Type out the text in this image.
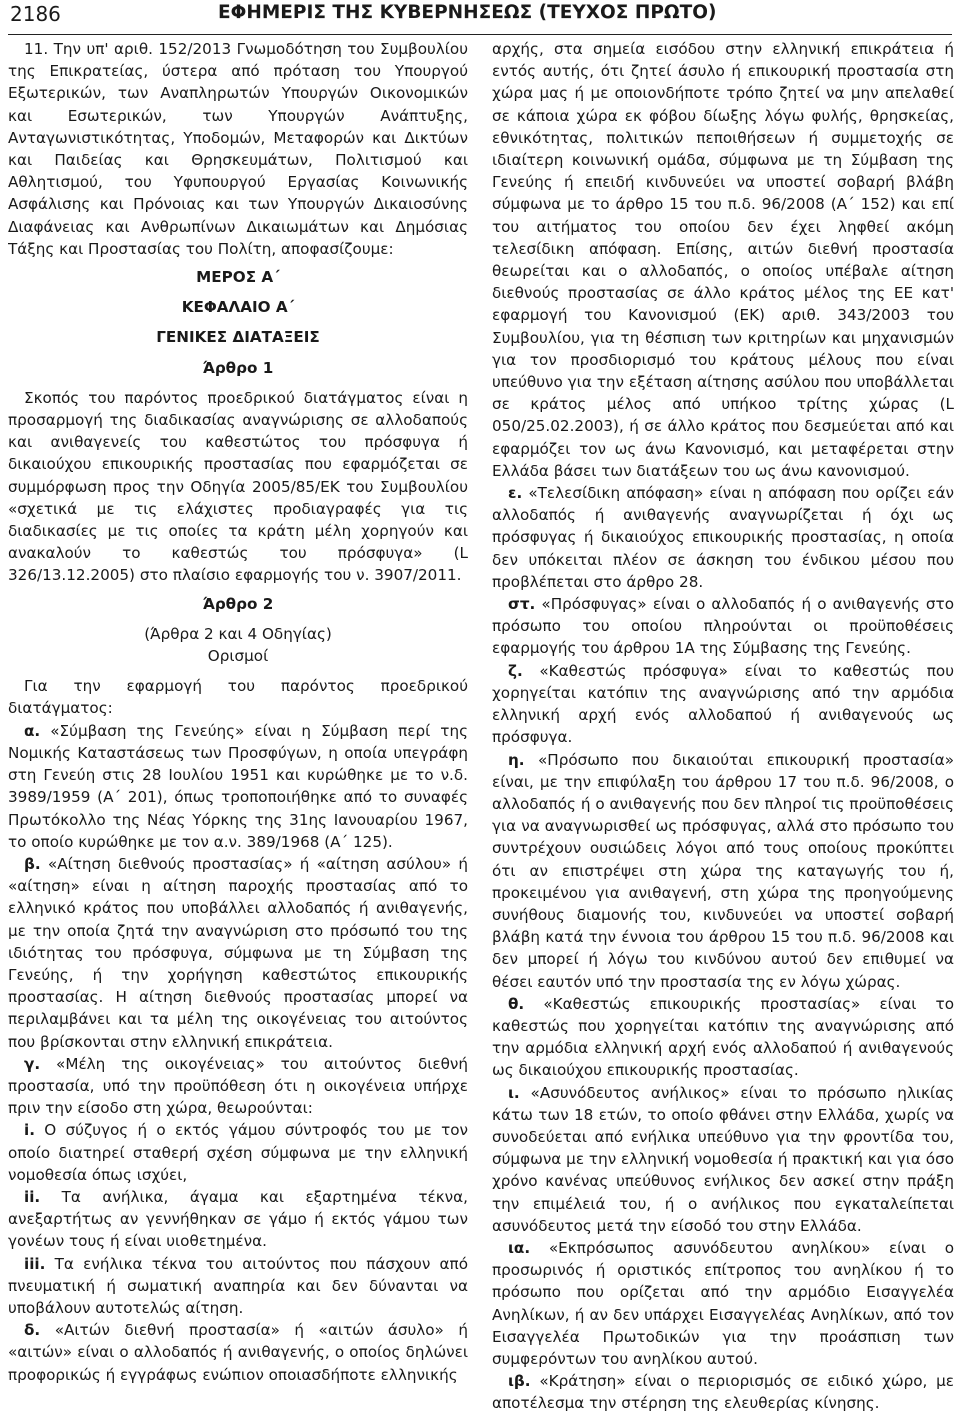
2186	ΕΦΗΜΕΡΙΣ ΤΗΣ ΚΥΒΕΡΝΗΣΕΩΣ (ΤΕΥΧΟΣ ΠΡΩΤΟ)

11. Την υπ' αριθ. 152/2013 Γνωμοδότηση του Συμβουλίου της Επικρατείας, ύστερα από πρόταση του Υπουργού Εξωτερικών, των Αναπληρωτών Υπουργών Οικονομικών και Εσωτερικών, των Υπουργών Ανάπτυξης, Ανταγωνιστικότητας, Υποδομών, Μεταφορών και Δικτύων και Παιδείας και Θρησκευμάτων, Πολιτισμού και Αθλητισμού, του Υφυπουργού Εργασίας Κοινωνικής Ασφάλισης και Πρόνοιας και των Υπουργών Δικαιοσύνης Διαφάνειας και Ανθρωπίνων Δικαιωμάτων και Δημόσιας Τάξης και Προστασίας του Πολίτη, αποφασίζουμε:

ΜΕΡΟΣ Α΄

ΚΕΦΑΛΑΙΟ Α΄

ΓΕΝΙΚΕΣ ΔΙΑΤΑΞΕΙΣ

Άρθρο 1

Σκοπός του παρόντος προεδρικού διατάγματος είναι η προσαρμογή της διαδικασίας αναγνώρισης σε αλλοδαπούς και ανιθαγενείς του καθεστώτος του πρόσφυγα ή δικαιούχου επικουρικής προστασίας που εφαρμόζεται σε συμμόρφωση προς την Οδηγία 2005/85/ΕΚ του Συμβουλίου «σχετικά με τις ελάχιστες προδιαγραφές για τις διαδικασίες με τις οποίες τα κράτη μέλη χορηγούν και ανακαλούν το καθεστώς του πρόσφυγα» (L 326/13.12.2005) στο πλαίσιο εφαρμογής του ν. 3907/2011.

Άρθρο 2

(Άρθρα 2 και 4 Οδηγίας)

Ορισμοί

Για την εφαρμογή του παρόντος προεδρικού διατάγματος:

α. «Σύμβαση της Γενεύης» είναι η Σύμβαση περί της Νομικής Καταστάσεως των Προσφύγων, η οποία υπεγράφη στη Γενεύη στις 28 Ιουλίου 1951 και κυρώθηκε με το ν.δ. 3989/1959 (Α΄ 201), όπως τροποποιήθηκε από το συναφές Πρωτόκολλο της Νέας Υόρκης της 31ης Ιανουαρίου 1967, το οποίο κυρώθηκε με τον α.ν. 389/1968 (Α΄ 125).

β. «Αίτηση διεθνούς προστασίας» ή «αίτηση ασύλου» ή «αίτηση» είναι η αίτηση παροχής προστασίας από το ελληνικό κράτος που υποβάλλει αλλοδαπός ή ανιθαγενής, με την οποία ζητά την αναγνώριση στο πρόσωπό του της ιδιότητας του πρόσφυγα, σύμφωνα με τη Σύμβαση της Γενεύης, ή την χορήγηση καθεστώτος επικουρικής προστασίας. Η αίτηση διεθνούς προστασίας μπορεί να περιλαμβάνει και τα μέλη της οικογένειας του αιτούντος που βρίσκονται στην ελληνική επικράτεια.

γ. «Μέλη της οικογένειας» του αιτούντος διεθνή προστασία, υπό την προϋπόθεση ότι η οικογένεια υπήρχε πριν την είσοδο στη χώρα, θεωρούνται:

i. Ο σύζυγος ή ο εκτός γάμου σύντροφός του με τον οποίο διατηρεί σταθερή σχέση σύμφωνα με την ελληνική νομοθεσία όπως ισχύει,

ii. Τα ανήλικα, άγαμα και εξαρτημένα τέκνα, ανεξαρτήτως αν γεννήθηκαν σε γάμο ή εκτός γάμου των γονέων τους ή είναι υιοθετημένα.

iii. Τα ενήλικα τέκνα του αιτούντος που πάσχουν από πνευματική ή σωματική αναπηρία και δεν δύνανται να υποβάλουν αυτοτελώς αίτηση.

δ. «Αιτών διεθνή προστασία» ή «αιτών άσυλο» ή «αιτών» είναι ο αλλοδαπός ή ανιθαγενής, ο οποίος δηλώνει προφορικώς ή εγγράφως ενώπιον οποιασδήποτε ελληνικής

αρχής, στα σημεία εισόδου στην ελληνική επικράτεια ή εντός αυτής, ότι ζητεί άσυλο ή επικουρική προστασία στη χώρα μας ή με οποιονδήποτε τρόπο ζητεί να μην απελαθεί σε κάποια χώρα εκ φόβου δίωξης λόγω φυλής, θρησκείας, εθνικότητας, πολιτικών πεποιθήσεων ή συμμετοχής σε ιδιαίτερη κοινωνική ομάδα, σύμφωνα με τη Σύμβαση της Γενεύης ή επειδή κινδυνεύει να υποστεί σοβαρή βλάβη σύμφωνα με το άρθρο 15 του π.δ. 96/2008 (Α΄ 152) και επί του αιτήματος του οποίου δεν έχει ληφθεί ακόμη τελεσίδικη απόφαση. Επίσης, αιτών διεθνή προστασία θεωρείται και ο αλλοδαπός, ο οποίος υπέβαλε αίτηση διεθνούς προστασίας σε άλλο κράτος μέλος της ΕΕ κατ' εφαρμογή του Κανονισμού (ΕΚ) αριθ. 343/2003 του Συμβουλίου, για τη θέσπιση των κριτηρίων και μηχανισμών για τον προσδιορισμό του κράτους μέλους που είναι υπεύθυνο για την εξέταση αίτησης ασύλου που υποβάλλεται σε κράτος μέλος από υπήκοο τρίτης χώρας (L 050/25.02.2003), ή σε άλλο κράτος που δεσμεύεται από και εφαρμόζει τον ως άνω Κανονισμό, και μεταφέρεται στην Ελλάδα βάσει των διατάξεων του ως άνω κανονισμού.

ε. «Τελεσίδικη απόφαση» είναι η απόφαση που ορίζει εάν αλλοδαπός ή ανιθαγενής αναγνωρίζεται ή όχι ως πρόσφυγας ή δικαιούχος επικουρικής προστασίας, η οποία δεν υπόκειται πλέον σε άσκηση του ένδικου μέσου που προβλέπεται στο άρθρο 28.

στ. «Πρόσφυγας» είναι ο αλλοδαπός ή ο ανιθαγενής στο πρόσωπο του οποίου πληρούνται οι προϋποθέσεις εφαρμογής του άρθρου 1Α της Σύμβασης της Γενεύης.

ζ. «Καθεστώς πρόσφυγα» είναι το καθεστώς που χορηγείται κατόπιν της αναγνώρισης από την αρμόδια ελληνική αρχή ενός αλλοδαπού ή ανιθαγενούς ως πρόσφυγα.

η. «Πρόσωπο που δικαιούται επικουρική προστασία» είναι, με την επιφύλαξη του άρθρου 17 του π.δ. 96/2008, ο αλλοδαπός ή ο ανιθαγενής που δεν πληροί τις προϋποθέσεις για να αναγνωρισθεί ως πρόσφυγας, αλλά στο πρόσωπο του συντρέχουν ουσιώδεις λόγοι από τους οποίους προκύπτει ότι αν επιστρέψει στη χώρα της καταγωγής του ή, προκειμένου για ανιθαγενή, στη χώρα της προηγούμενης συνήθους διαμονής του, κινδυνεύει να υποστεί σοβαρή βλάβη κατά την έννοια του άρθρου 15 του π.δ. 96/2008 και δεν μπορεί ή λόγω του κινδύνου αυτού δεν επιθυμεί να θέσει εαυτόν υπό την προστασία της εν λόγω χώρας.

θ. «Καθεστώς επικουρικής προστασίας» είναι το καθεστώς που χορηγείται κατόπιν της αναγνώρισης από την αρμόδια ελληνική αρχή ενός αλλοδαπού ή ανιθαγενούς ως δικαιούχου επικουρικής προστασίας.

ι. «Ασυνόδευτος ανήλικος» είναι το πρόσωπο ηλικίας κάτω των 18 ετών, το οποίο φθάνει στην Ελλάδα, χωρίς να συνοδεύεται από ενήλικα υπεύθυνο για την φροντίδα του, σύμφωνα με την ελληνική νομοθεσία ή πρακτική και για όσο χρόνο κανένας υπεύθυνος ενήλικος δεν ασκεί στην πράξη την επιμέλειά του, ή ο ανήλικος που εγκαταλείπεται ασυνόδευτος μετά την είσοδό του στην Ελλάδα.

ια. «Εκπρόσωπος ασυνόδευτου ανηλίκου» είναι ο προσωρινός ή οριστικός επίτροπος του ανηλίκου ή το πρόσωπο που ορίζεται από την αρμόδιο Εισαγγελέα Ανηλίκων, ή αν δεν υπάρχει Εισαγγελέας Ανηλίκων, από τον Εισαγγελέα Πρωτοδικών για την προάσπιση των συμφερόντων του ανηλίκου αυτού.

ιβ. «Κράτηση» είναι ο περιορισμός σε ειδικό χώρο, με αποτέλεσμα την στέρηση της ελευθερίας κίνησης.
